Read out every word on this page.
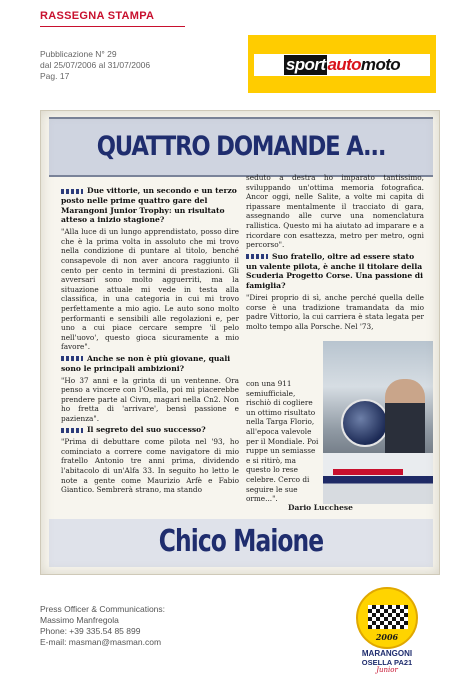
RASSEGNA STAMPA
Pubblicazione N° 29
dal 25/07/2006 al 31/07/2006
Pag. 17
sport auto moto
QUATTRO DOMANDE A...

Due vittorie, un secondo e un terzo posto nelle prime quattro gare del Marangoni Junior Trophy: un risultato atteso a inizio stagione?

"Alla luce di un lungo apprendistato, posso dire che è la prima volta in assoluto che mi trovo nella condizione di puntare al titolo, benché consapevole di non aver ancora raggiunto il cento per cento in termini di prestazioni. Gli avversari sono molto agguerriti, ma la situazione attuale mi vede in testa alla classifica, in una categoria in cui mi trovo perfettamente a mio agio. Le auto sono molto performanti e sensibili alle regolazioni e, per uno a cui piace cercare sempre 'il pelo nell'uovo', questo gioca sicuramente a mio favore".

Anche se non è più giovane, quali sono le principali ambizioni?

"Ho 37 anni e la grinta di un ventenne. Ora penso a vincere con l'Osella, poi mi piacerebbe prendere parte al Civm, magari nella Cn2. Non ho fretta di 'arrivare', bensì passione e pazienza".

Il segreto del suo successo?

"Prima di debuttare come pilota nel '93, ho cominciato a correre come navigatore di mio fratello Antonio tre anni prima, dividendo l'abitacolo di un'Alfa 33. In seguito ho letto le note a gente come Maurizio Arfè e Fabio Giantico. Sembrerà strano, ma stando

seduto a destra ho imparato tantissimo, sviluppando un'ottima memoria fotografica. Ancor oggi, nelle Salite, a volte mi capita di ripassare mentalmente il tracciato di gara, assegnando alle curve una nomenclatura rallistica. Questo mi ha aiutato ad imparare e a ricordare con esattezza, metro per metro, ogni percorso".

Suo fratello, oltre ad essere stato un valente pilota, è anche il titolare della Scuderia Progetto Corse. Una passione di famiglia?

"Direi proprio di sì, anche perché quella delle corse è una tradizione tramandata da mio padre Vittorio, la cui carriera è stata legata per molto tempo alla Porsche. Nel '73,

con una 911 semiufficiale, rischiò di cogliere un ottimo risultato nella Targa Florio, all'epoca valevole per il Mondiale. Poi ruppe un semiasse e si ritirò, ma questo lo rese celebre. Cerco di seguire le sue orme...".
Dario Lucchese
Chico Maione
Press Officer & Communications:
Massimo Manfregola
Phone: +39 335.54 85 899
E-mail: masman@masman.com	2006
MARANGONI
OSELLA PA21
Junior
